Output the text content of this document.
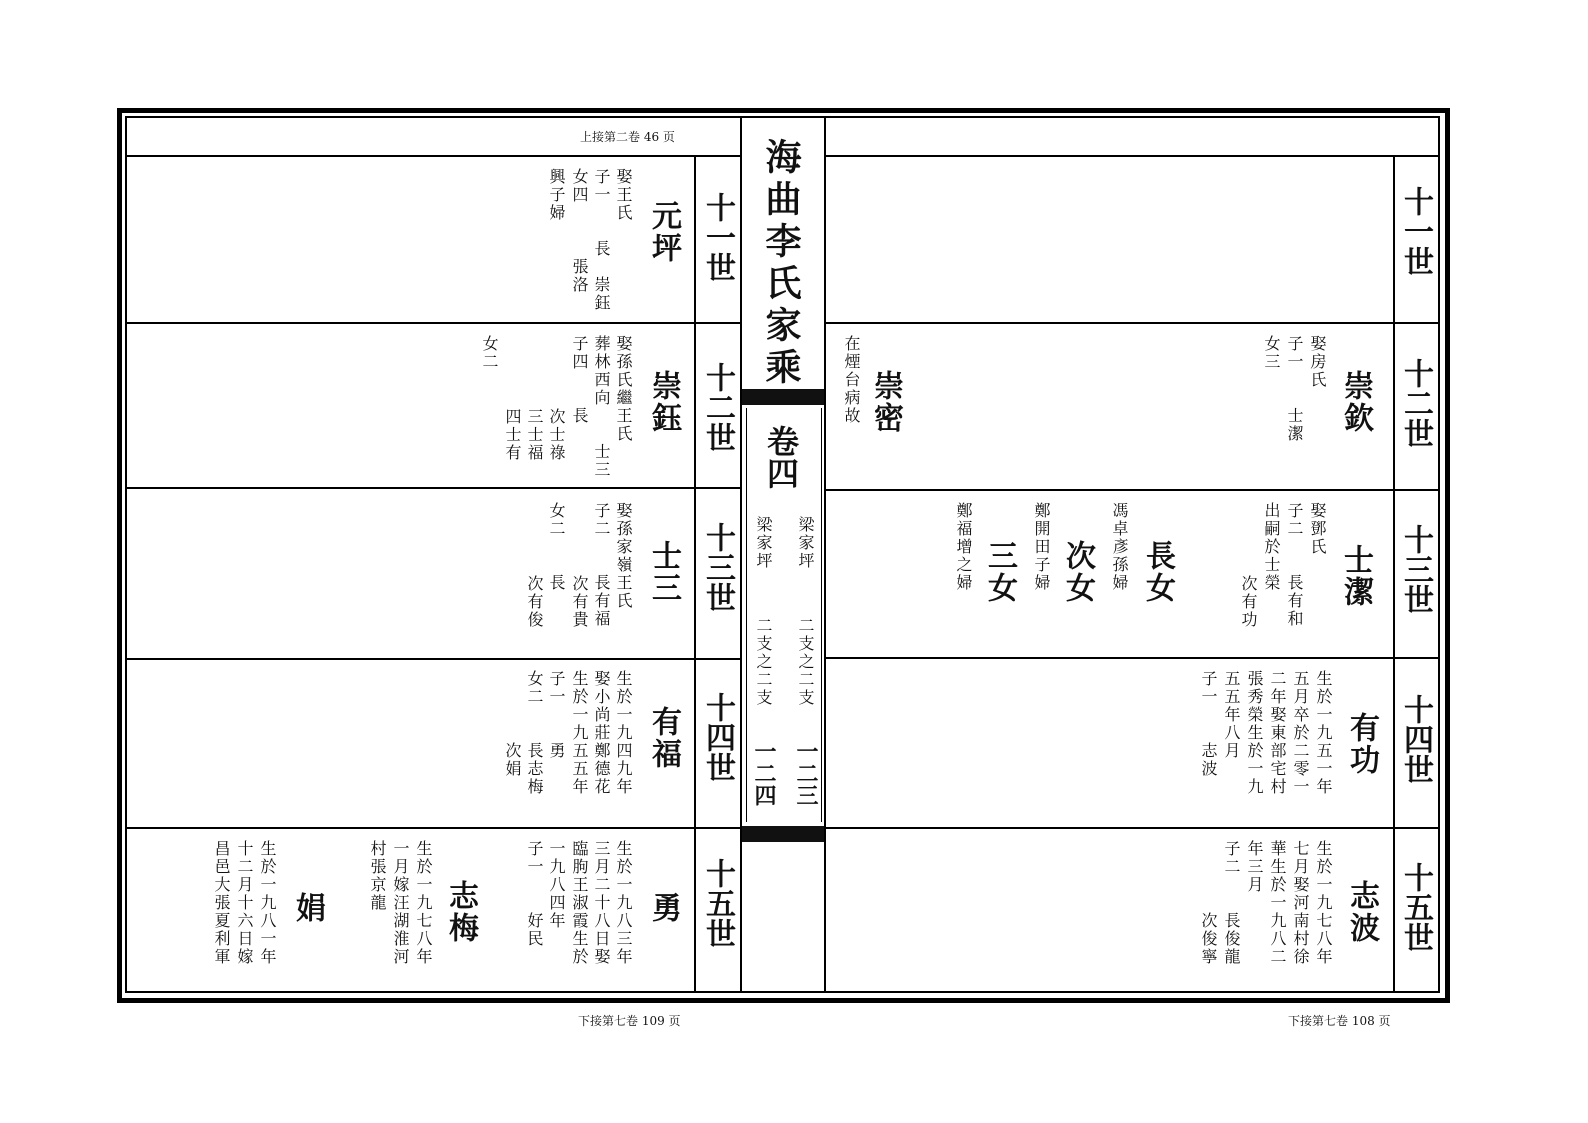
海曲李氏家乘
卷四
梁家坪
梁家坪
二支之二支
二支之二支
一二三
一二四
上接第二卷 46 页
下接第七卷 109 页	下接第七卷 108 页
十一世
十二世
十三世
十四世
十五世
十一世
十二世
十三世
十四世
十五世
元坪
娶王氏
子一　　長　崇鈺
女四　　　張洛
興子婦
崇鈺
娶孫氏繼王氏
葬林西向　　士三
子四　　長
次士祿
三士福
四士有
女二
士三
娶孫家嶺王氏
子二　　長有福
次有貴
女二　　長
次有俊
有福
生於一九四九年
娶小尚莊鄭德花
生於一九五五年
子一　　勇
女二　　長志梅
次娟
勇
生於一九八三年
三月二十八日娶
臨朐王淑霞生於
一九八四年
子一　　好民
志梅
生於一九七八年
一月嫁汪湖淮河
村張京龍
娟
生於一九八一年
十二月十六日嫁
昌邑大張夏利軍
崇欽
娶房氏
子一　　士潔
女三
崇密
在煙台病故
士潔
娶鄧氏
子二　　長有和
出嗣於士榮
次有功
長女
馮卓彥孫婦
次女
鄭開田子婦
三女
鄭福增之婦
有功
生於一九五一年
五月卒於二零一
二年娶東部宅村
張秀榮生於一九
五五年八月
子一　　志波
志波
生於一九七八年
七月娶河南村徐
華生於一九八二
年三月
子二　　長俊龍
次俊寧
